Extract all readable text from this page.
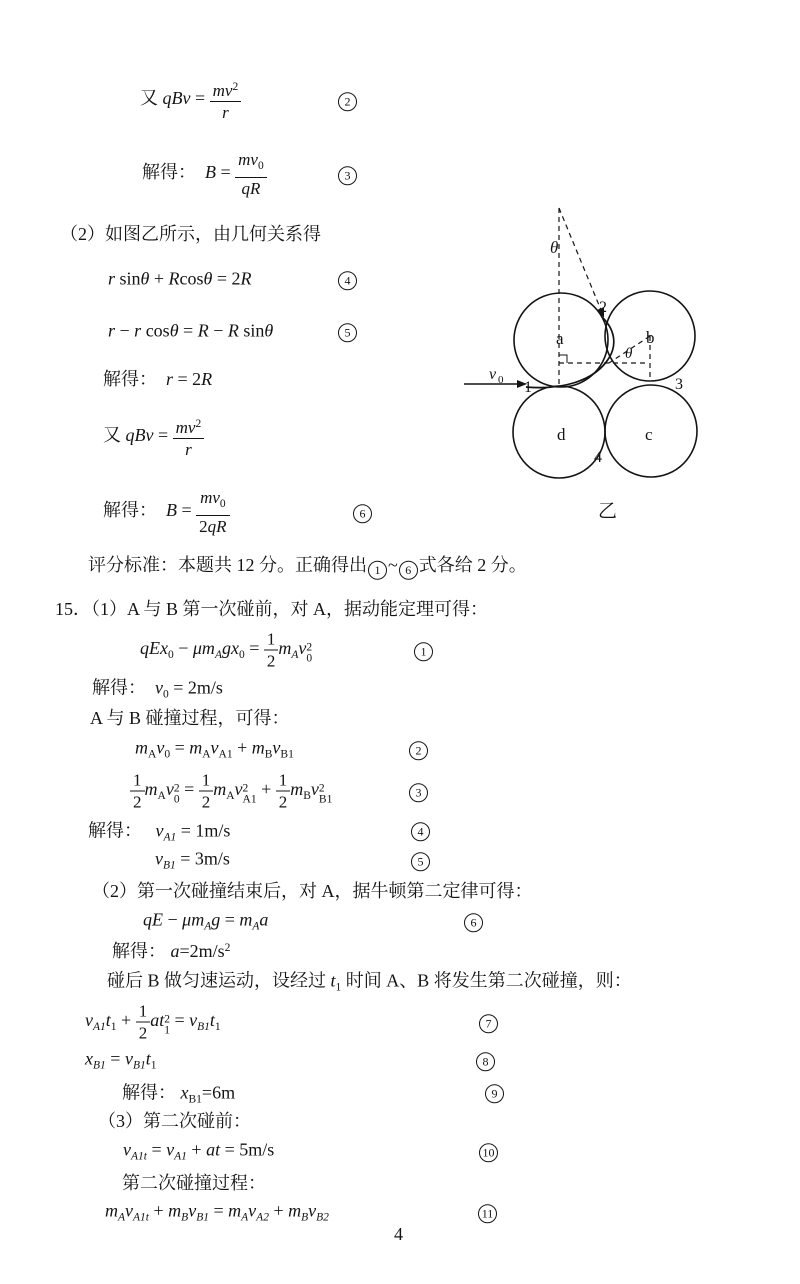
又 qBv = $\frac{mv^2}{r}$	2
解得：  $B = \frac{mv_0}{qR}$	3
（2）如图乙所示，由几何关系得
r sinθ + Rcosθ = 2R	4
r − r cosθ = R − R sinθ	5
解得：  r = 2R
又 qBv = $\frac{mv^2}{r}$
解得：  $B = \frac{mv_0}{2qR}$	6
评分标准：本题共 12 分。正确得出 1 ~ 6 式各给 2 分。
15．（1）A 与 B 第一次碰前，对 A，据动能定理可得：
$qEx_0 - \mu m_Agx_0 = \frac{1}{2} m_Av$ 2
0	1
解得：  $v_0 = 2m/s$
A 与 B 碰撞过程，可得：
$m_Av_0 = m_Av_{A1} + m_Bv_{B1}$	2
$\frac{1}{2} m_Av$ 2
$0 = \frac{1}{2} m_Av$ 2
$A1 + \frac{1}{2} m_Bv$ 2
B1	3
解得：   $v_{A1} = 1m/s$	4
$v_{B1} = 3m/s$	5
（2）第一次碰撞结束后，对 A，据牛顿第二定律可得：
qE − $\mu m_Ag = m_Aa$	6
解得： $a=2m/s^2$
碰后 B 做匀速运动，设经过 $t_1$ 时间 A、B 将发生第二次碰撞，则：
$v_{A1}t_1 + \frac{1}{2}$ at 2
$1 = v_{B1}t_1$	7
$x_{B1} = v_{B1}t_1$	8
解得： $x_{B1}=6m$	9
（3）第二次碰前：
$v_{A1t} = v_{A1}$ + at = 5m/s	10
第二次碰撞过程：
$m_Av_{A1t} + m_Bv_{B1} = m_Av_{A2} + m_Bv_{B2}$	11
v 0
θ
θ
a	b
c
d
1
2
3
4
乙
4
